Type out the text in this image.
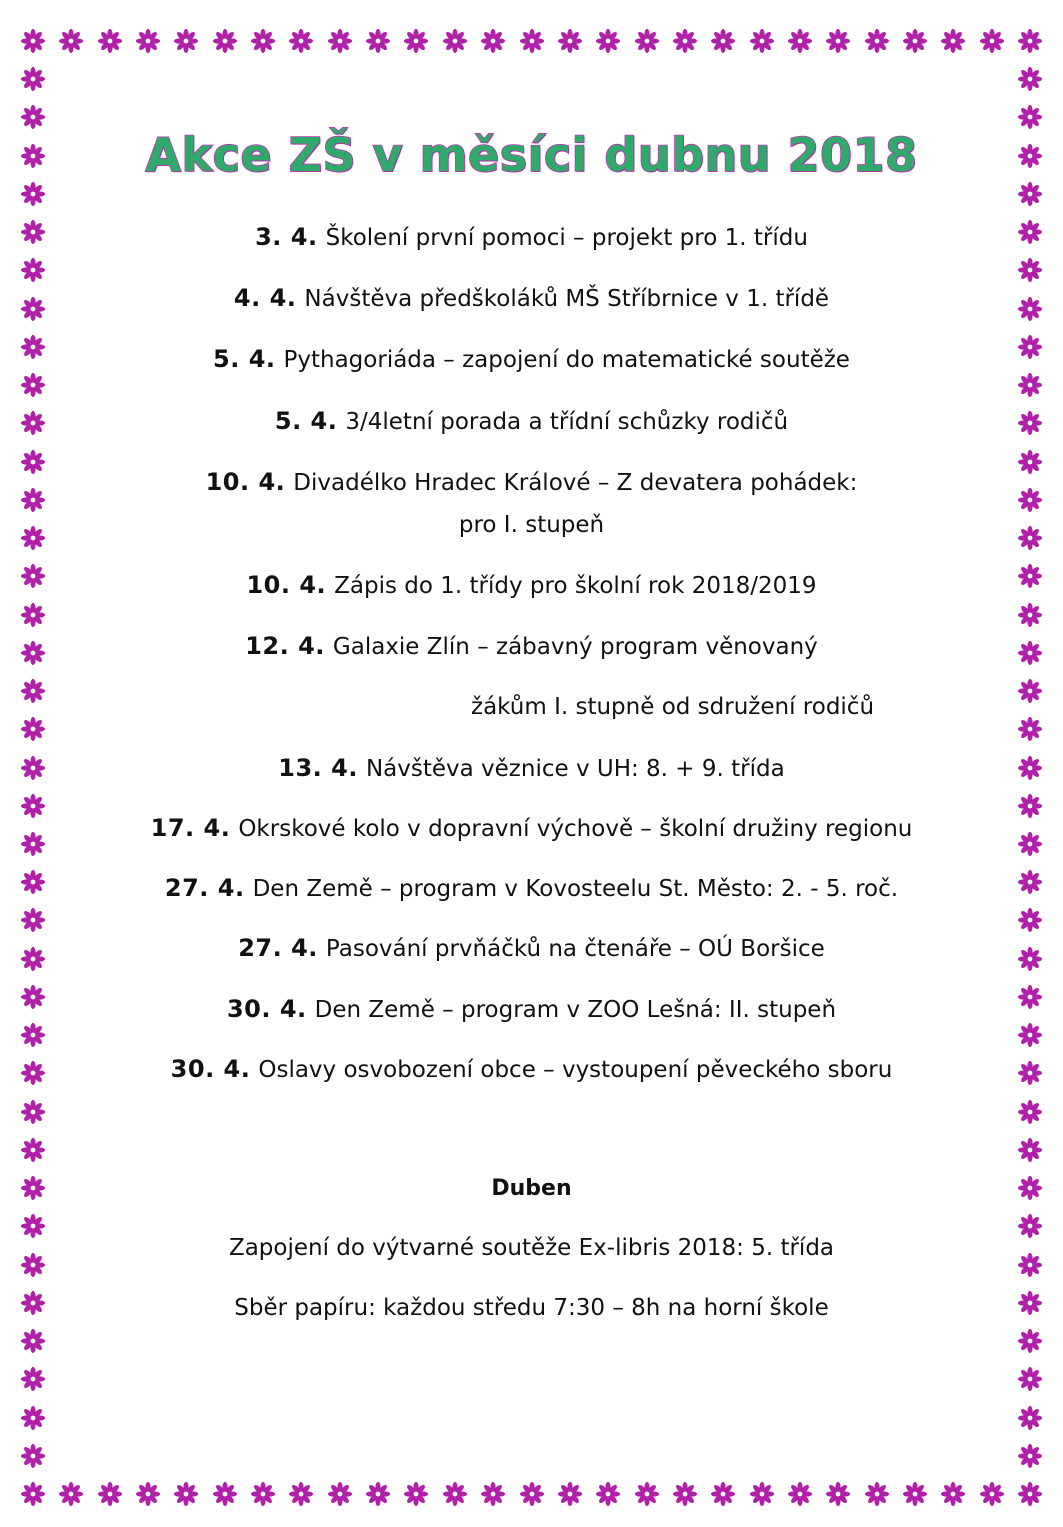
Akce ZŠ v měsíci dubnu 2018
3. 4. Školení první pomoci – projekt pro 1. třídu
4. 4. Návštěva předškoláků MŠ Stříbrnice v 1. třídě
5. 4. Pythagoriáda – zapojení do matematické soutěže
5. 4. 3/4letní porada a třídní schůzky rodičů
10. 4. Divadélko Hradec Králové – Z devatera pohádek:
pro I. stupeň
10. 4. Zápis do 1. třídy pro školní rok 2018/2019
12. 4. Galaxie Zlín – zábavný program věnovaný
žákům I. stupně od sdružení rodičů
13. 4. Návštěva věznice v UH: 8. + 9. třída
17. 4. Okrskové kolo v dopravní výchově – školní družiny regionu
27. 4. Den Země – program v Kovosteelu St. Město: 2. - 5. roč.
27. 4. Pasování prvňáčků na čtenáře – OÚ Boršice
30. 4. Den Země – program v ZOO Lešná: II. stupeň
30. 4. Oslavy osvobození obce – vystoupení pěveckého sboru
Duben
Zapojení do výtvarné soutěže Ex-libris 2018: 5. třída
Sběr papíru: každou středu 7:30 – 8h na horní škole
